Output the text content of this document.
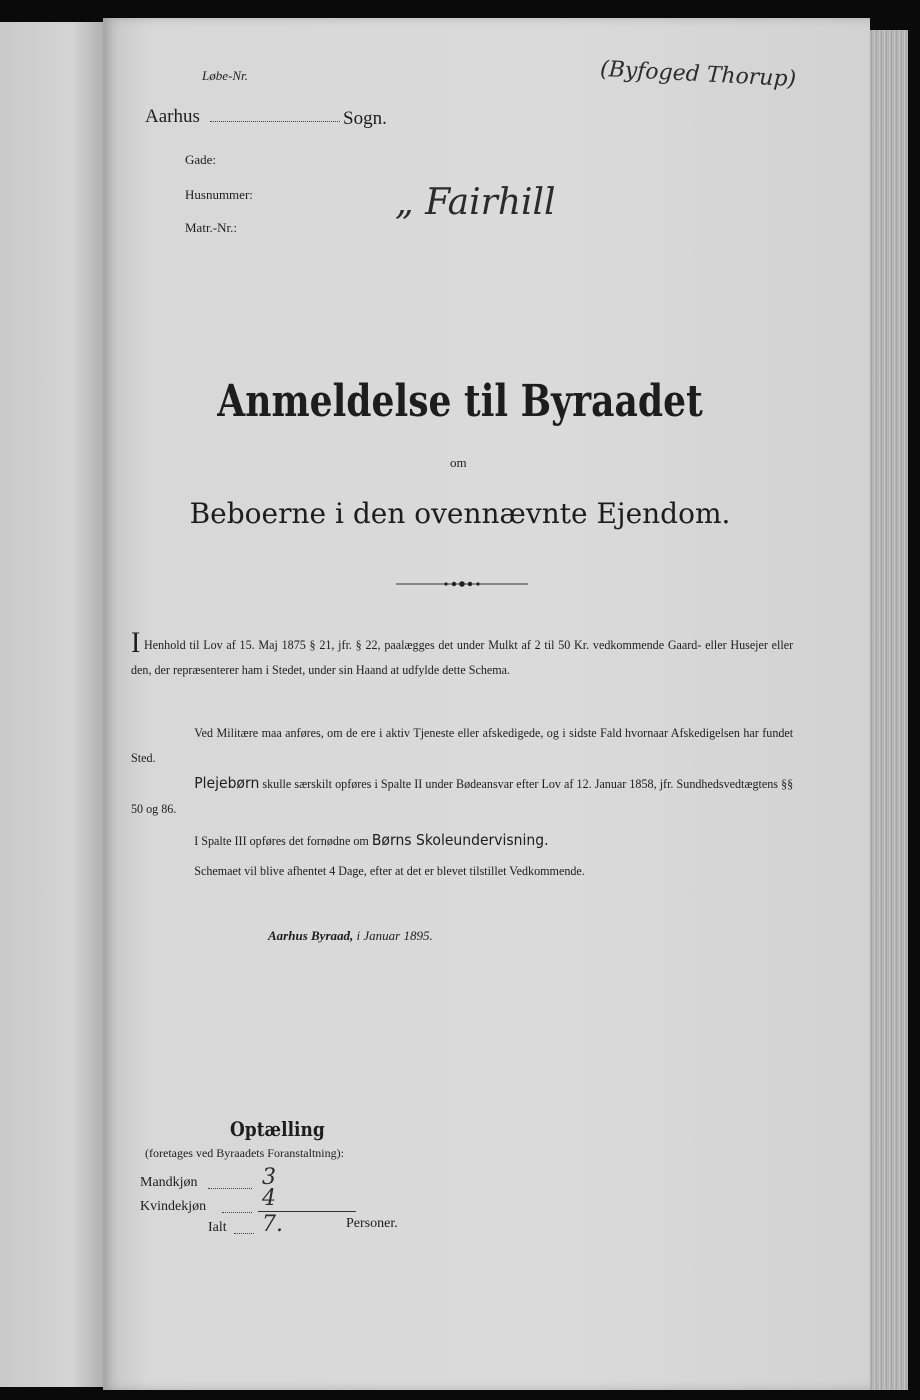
Løbe-Nr.	(Byfoged Thorup)
Aarhus	Sogn.
Gade:
Husnummer:
Matr.-Nr.:
„ Fairhill
Anmeldelse til Byraadet
om
Beboerne i den ovennævnte Ejendom.
I Henhold til Lov af 15. Maj 1875 § 21, jfr. § 22, paalægges det under Mulkt af 2 til 50 Kr. vedkommende Gaard- eller Husejer eller den, der repræsenterer ham i Stedet, under sin Haand at udfylde dette Schema.
Ved Militære maa anføres, om de ere i aktiv Tjeneste eller afskedigede, og i sidste Fald hvornaar Afskedigelsen har fundet Sted.
Plejebørn skulle særskilt opføres i Spalte II under Bødeansvar efter Lov af 12. Januar 1858, jfr. Sundhedsvedtægtens §§ 50 og 86.
I Spalte III opføres det fornødne om Børns Skoleundervisning.
Schemaet vil blive afhentet 4 Dage, efter at det er blevet tilstillet Vedkommende.
Aarhus Byraad, i Januar 1895.
Optælling
(foretages ved Byraadets Foranstaltning):
Mandkjøn	3
Kvindekjøn	4
Ialt 7.	Personer.
